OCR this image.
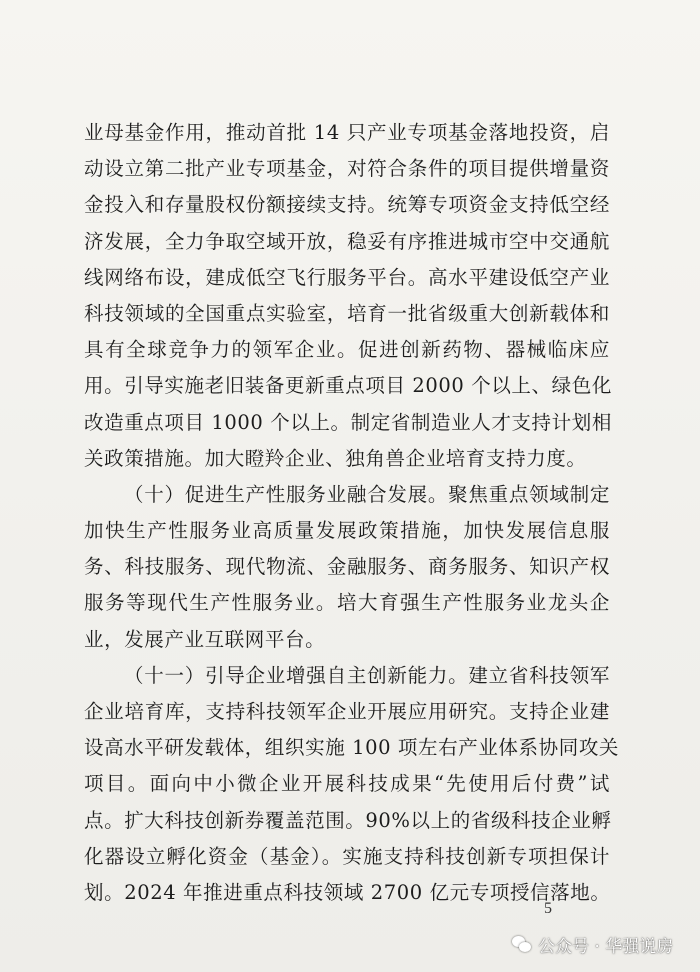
业母基金作用，推动首批 14 只产业专项基金落地投资，启
动设立第二批产业专项基金，对符合条件的项目提供增量资
金投入和存量股权份额接续支持。统筹专项资金支持低空经
济发展，全力争取空域开放，稳妥有序推进城市空中交通航
线网络布设，建成低空飞行服务平台。高水平建设低空产业
科技领域的全国重点实验室，培育一批省级重大创新载体和
具有全球竞争力的领军企业。促进创新药物、器械临床应
用。引导实施老旧装备更新重点项目 2000 个以上、绿色化
改造重点项目 1000 个以上。制定省制造业人才支持计划相
关政策措施。加大瞪羚企业、独角兽企业培育支持力度。
（十）促进生产性服务业融合发展。聚焦重点领域制定
加快生产性服务业高质量发展政策措施，加快发展信息服
务、科技服务、现代物流、金融服务、商务服务、知识产权
服务等现代生产性服务业。培大育强生产性服务业龙头企
业，发展产业互联网平台。
（十一）引导企业增强自主创新能力。建立省科技领军
企业培育库，支持科技领军企业开展应用研究。支持企业建
设高水平研发载体，组织实施 100 项左右产业体系协同攻关
项目。面向中小微企业开展科技成果“先使用后付费”试
点。扩大科技创新券覆盖范围。90%以上的省级科技企业孵
化器设立孵化资金（基金）。实施支持科技创新专项担保计
划。2024 年推进重点科技领域 2700 亿元专项授信落地。
5
公众号 · 华强说房
